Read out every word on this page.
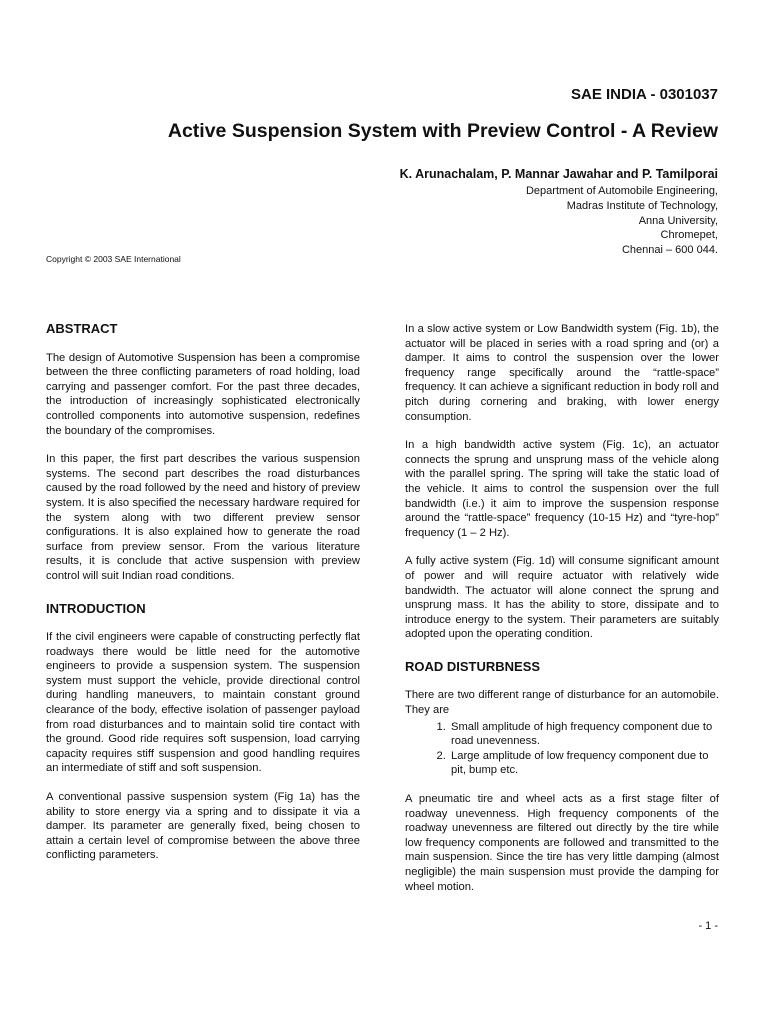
SAE INDIA - 0301037
Active Suspension System with Preview Control - A Review
K. Arunachalam, P. Mannar Jawahar and P. Tamilporai
Department of Automobile Engineering,
Madras Institute of Technology,
Anna University,
Chromepet,
Chennai – 600 044.
Copyright © 2003 SAE International
ABSTRACT

The design of Automotive Suspension has been a compromise between the three conflicting parameters of road holding, load carrying and passenger comfort. For the past three decades, the introduction of increasingly sophisticated electronically controlled components into automotive suspension, redefines the boundary of the compromises.

In this paper, the first part describes the various suspension systems. The second part describes the road disturbances caused by the road followed by the need and history of preview system. It is also specified the necessary hardware required for the system along with two different preview sensor configurations. It is also explained how to generate the road surface from preview sensor. From the various literature results, it is conclude that active suspension with preview control will suit Indian road conditions.

INTRODUCTION

If the civil engineers were capable of constructing perfectly flat roadways there would be little need for the automotive engineers to provide a suspension system. The suspension system must support the vehicle, provide directional control during handling maneuvers, to maintain constant ground clearance of the body, effective isolation of passenger payload from road disturbances and to maintain solid tire contact with the ground. Good ride requires soft suspension, load carrying capacity requires stiff suspension and good handling requires an intermediate of stiff and soft suspension.

A conventional passive suspension system (Fig 1a) has the ability to store energy via a spring and to dissipate it via a damper. Its parameter are generally fixed, being chosen to attain a certain level of compromise between the above three conflicting parameters.

In a slow active system or Low Bandwidth system (Fig. 1b), the actuator will be placed in series with a road spring and (or) a damper. It aims to control the suspension over the lower frequency range specifically around the “rattle-space” frequency. It can achieve a significant reduction in body roll and pitch during cornering and braking, with lower energy consumption.

In a high bandwidth active system (Fig. 1c), an actuator connects the sprung and unsprung mass of the vehicle along with the parallel spring. The spring will take the static load of the vehicle. It aims to control the suspension over the full bandwidth (i.e.) it aim to improve the suspension response around the “rattle-space” frequency (10-15 Hz) and “tyre-hop” frequency (1 – 2 Hz).

A fully active system (Fig. 1d) will consume significant amount of power and will require actuator with relatively wide bandwidth. The actuator will alone connect the sprung and unsprung mass. It has the ability to store, dissipate and to introduce energy to the system. Their parameters are suitably adopted upon the operating condition.

ROAD DISTURBNESS

There are two different range of disturbance for an automobile. They are

1. Small amplitude of high frequency component due to road unevenness.
2. Large amplitude of low frequency component due to pit, bump etc.

A pneumatic tire and wheel acts as a first stage filter of roadway unevenness. High frequency components of the roadway unevenness are filtered out directly by the tire while low frequency components are followed and transmitted to the main suspension. Since the tire has very little damping (almost negligible) the main suspension must provide the damping for wheel motion.

- 1 -
